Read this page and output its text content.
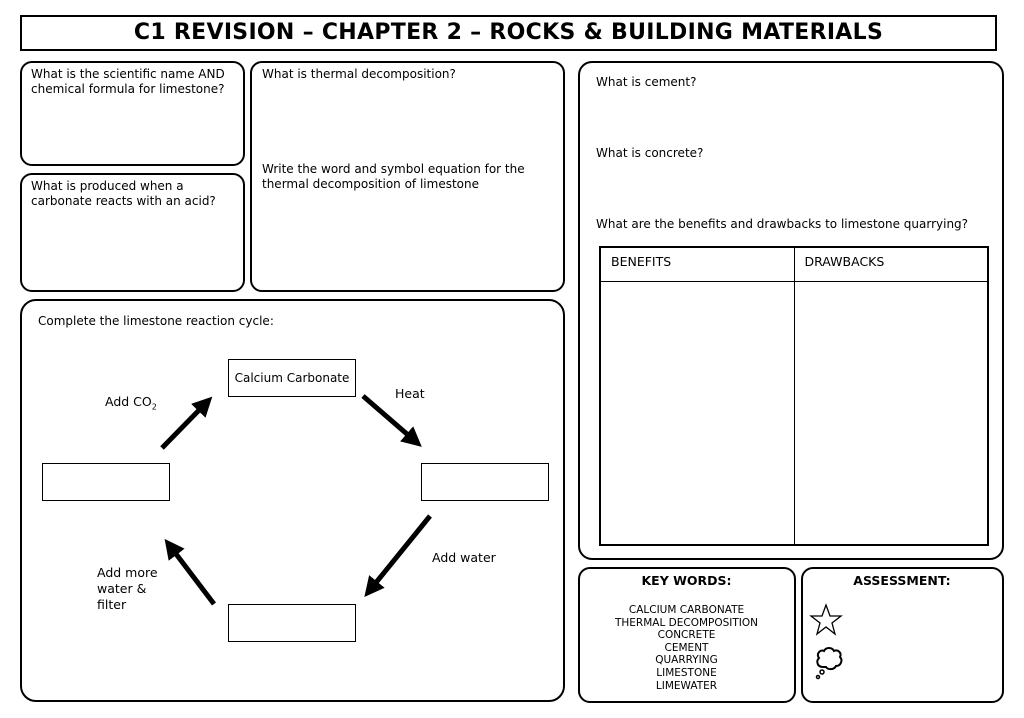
C1 REVISION – CHAPTER 2 – ROCKS & BUILDING MATERIALS
What is the scientific name AND chemical formula for limestone?
What is produced when a carbonate reacts with an acid?
What is thermal decomposition?
Write the word and symbol equation for the thermal decomposition of limestone
What is cement?
What is concrete?
What are the benefits and drawbacks to limestone quarrying?
BENEFITS	DRAWBACKS

Complete the limestone reaction cycle:
Calcium Carbonate
Heat
Add $CO_2$
Add water
Add more water & filter
KEY WORDS:
CALCIUM CARBONATE
THERMAL DECOMPOSITION
CONCRETE
CEMENT
QUARRYING
LIMESTONE
LIMEWATER
ASSESSMENT:
